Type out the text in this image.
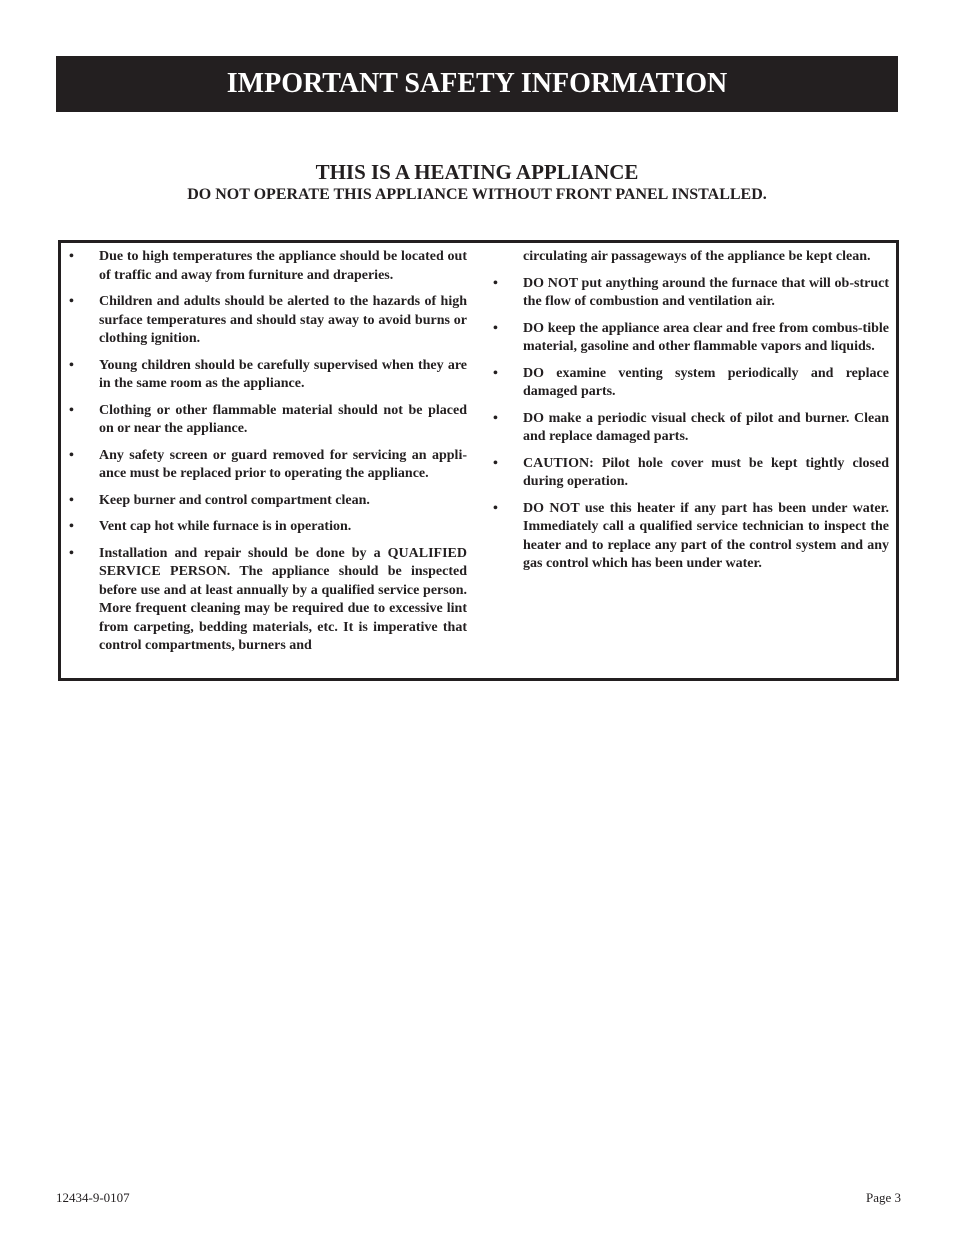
IMPORTANT SAFETY INFORMATION
THIS IS A HEATING APPLIANCE
DO NOT OPERATE THIS APPLIANCE WITHOUT FRONT PANEL INSTALLED.
• Due to high temperatures the appliance should be located out of traffic and away from furniture and draperies.
• Children and adults should be alerted to the hazards of high surface temperatures and should stay away to avoid burns or clothing ignition.
• Young children should be carefully supervised when they are in the same room as the appliance.
• Clothing or other flammable material should not be placed on or near the appliance.
• Any safety screen or guard removed for servicing an appli-ance must be replaced prior to operating the appliance.
• Keep burner and control compartment clean.
• Vent cap hot while furnace is in operation.
• Installation and repair should be done by a QUALIFIED SERVICE PERSON. The appliance should be inspected before use and at least annually by a qualified service person. More frequent cleaning may be required due to excessive lint from carpeting, bedding materials, etc. It is imperative that control compartments, burners and
circulating air passageways of the appliance be kept clean.
• DO NOT put anything around the furnace that will ob-struct the flow of combustion and ventilation air.
• DO keep the appliance area clear and free from combus-tible material, gasoline and other flammable vapors and liquids.
• DO examine venting system periodically and replace damaged parts.
• DO make a periodic visual check of pilot and burner. Clean and replace damaged parts.
• CAUTION: Pilot hole cover must be kept tightly closed during operation.
• DO NOT use this heater if any part has been under water. Immediately call a qualified service technician to inspect the heater and to replace any part of the control system and any gas control which has been under water.
12434-9-0107	Page 3
